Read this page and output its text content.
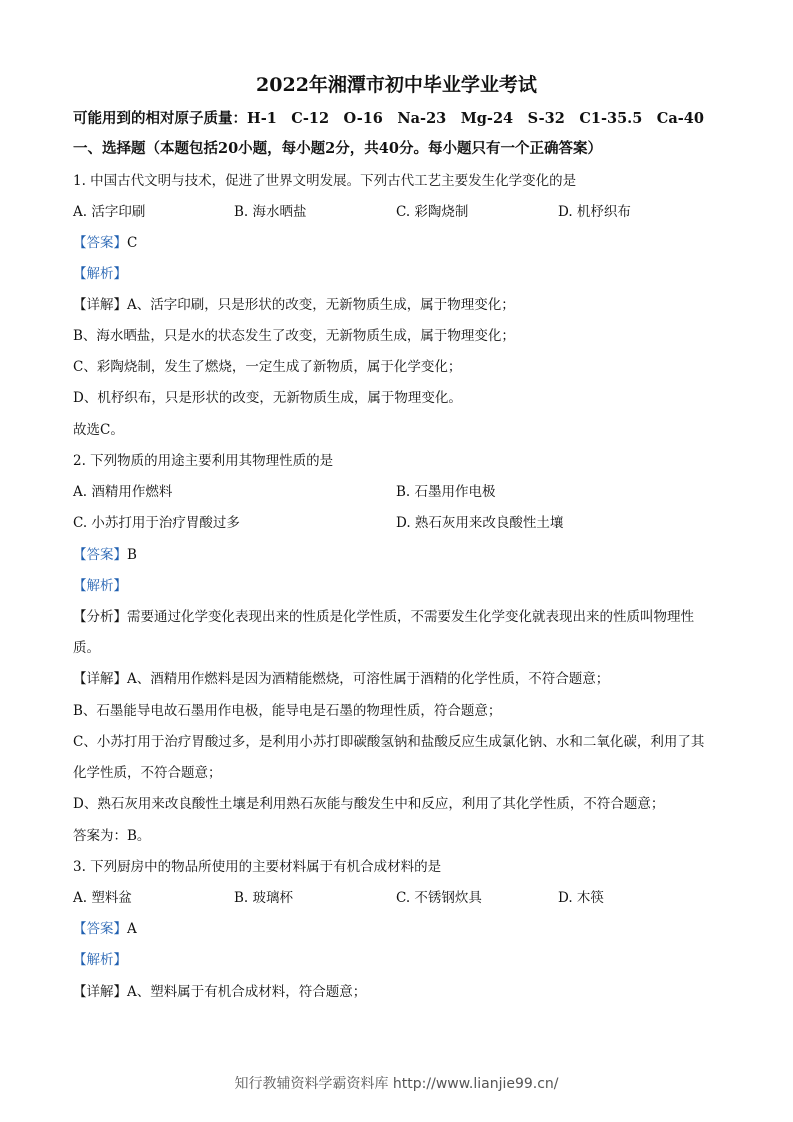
2022年湘潭市初中毕业学业考试
可能用到的相对原子质量：H-1　C-12　O-16　Na-23　Mg-24　S-32　C1-35.5　Ca-40
一、选择题（本题包括20小题，每小题2分，共40分。每小题只有一个正确答案）
1. 中国古代文明与技术，促进了世界文明发展。下列古代工艺主要发生化学变化的是
A. 活字印刷	B. 海水晒盐	C. 彩陶烧制	D. 机杼织布
【答案】C
【解析】
【详解】A、活字印刷，只是形状的改变，无新物质生成，属于物理变化；
B、海水晒盐，只是水的状态发生了改变，无新物质生成，属于物理变化；
C、彩陶烧制，发生了燃烧，一定生成了新物质，属于化学变化；
D、机杼织布，只是形状的改变，无新物质生成，属于物理变化。
故选C。
2. 下列物质的用途主要利用其物理性质的是
A. 酒精用作燃料	B. 石墨用作电极
C. 小苏打用于治疗胃酸过多	D. 熟石灰用来改良酸性土壤
【答案】B
【解析】
【分析】需要通过化学变化表现出来的性质是化学性质，不需要发生化学变化就表现出来的性质叫物理性
质。
【详解】A、酒精用作燃料是因为酒精能燃烧，可溶性属于酒精的化学性质，不符合题意；
B、石墨能导电故石墨用作电极，能导电是石墨的物理性质，符合题意；
C、小苏打用于治疗胃酸过多，是利用小苏打即碳酸氢钠和盐酸反应生成氯化钠、水和二氧化碳，利用了其
化学性质，不符合题意；
D、熟石灰用来改良酸性土壤是利用熟石灰能与酸发生中和反应，利用了其化学性质，不符合题意；
答案为：B。
3. 下列厨房中的物品所使用的主要材料属于有机合成材料的是
A. 塑料盆	B. 玻璃杯	C. 不锈钢炊具	D. 木筷
【答案】A
【解析】
【详解】A、塑料属于有机合成材料，符合题意；
知行教辅资料学霸资料库 http://www.lianjie99.cn/
